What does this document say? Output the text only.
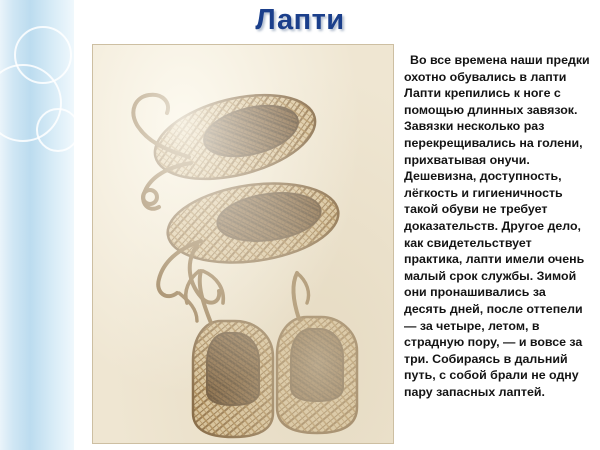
Лапти

Во все времена наши предки охотно обувались в лапти Лапти крепились к ноге с помощью длинных завязок. Завязки несколько раз перекрещивались на голени, прихватывая онучи. Дешевизна, доступность, лёгкость и гигиеничность такой обуви не требует доказательств. Другое дело, как свидетельствует практика, лапти имели очень малый срок службы. Зимой они пронашивались за десять дней, после оттепели — за четыре, летом, в страдную пору, — и вовсе за три. Собираясь в дальний путь, с собой брали не одну пару запасных лаптей.
